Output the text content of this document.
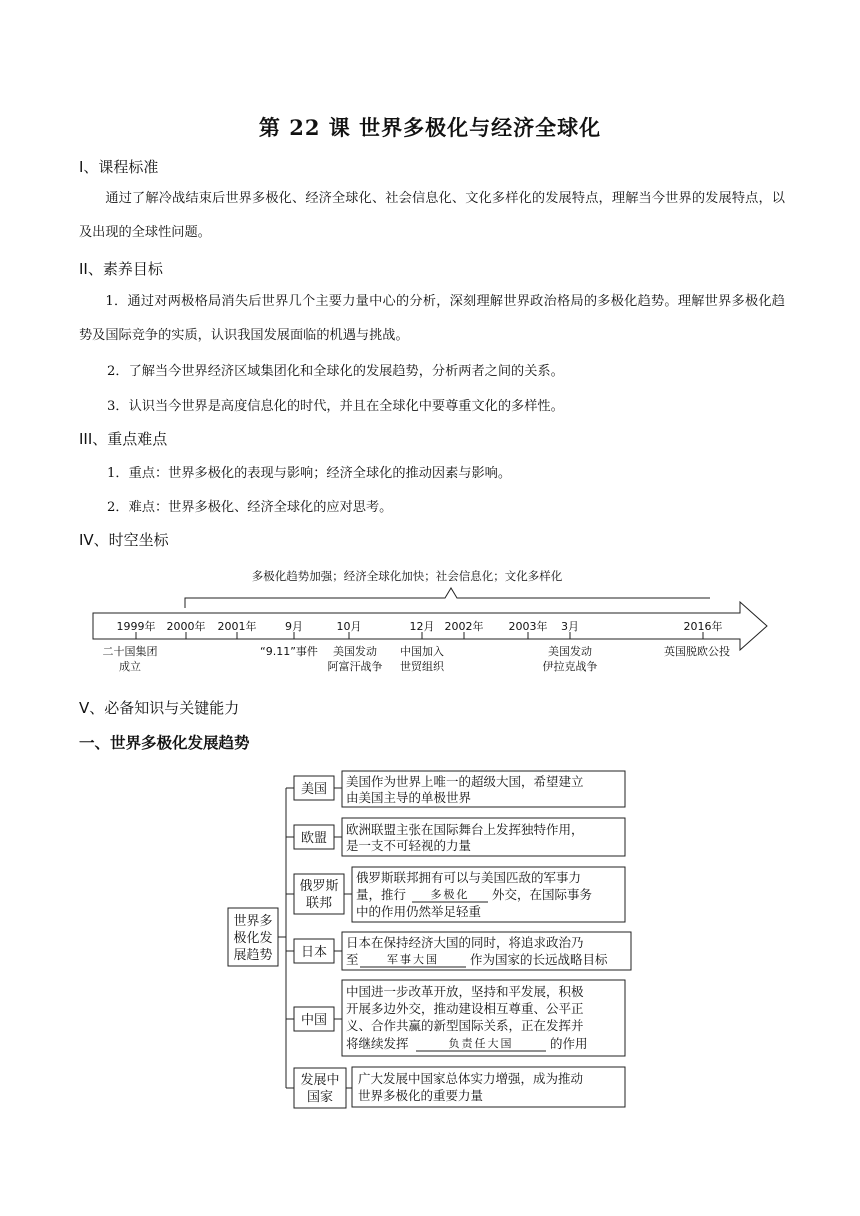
第 22 课 世界多极化与经济全球化
I、课程标准
通过了解冷战结束后世界多极化、经济全球化、社会信息化、文化多样化的发展特点，理解当今世界的发展特点，以及出现的全球性问题。
II、素养目标
1．通过对两极格局消失后世界几个主要力量中心的分析，深刻理解世界政治格局的多极化趋势。理解世界多极化趋势及国际竞争的实质，认识我国发展面临的机遇与挑战。
2．了解当今世界经济区域集团化和全球化的发展趋势，分析两者之间的关系。
3．认识当今世界是高度信息化的时代，并且在全球化中要尊重文化的多样性。
III、重点难点
1．重点：世界多极化的表现与影响；经济全球化的推动因素与影响。
2．难点：世界多极化、经济全球化的应对思考。
IV、时空坐标
多极化趋势加强；经济全球化加快；社会信息化；文化多样化
1999年 2000年 2001年	9月	10月	12月 2002年 2003年 3月	2016年
二十国集团
成立
“9.11”事件 美国发动
阿富汗战争
中国加入
世贸组织
美国发动
伊拉克战争
英国脱欧公投
V、必备知识与关键能力
一、世界多极化发展趋势
世界多
极化发
展趋势
美国
美国作为世界上唯一的超级大国，希望建立
由美国主导的单极世界
欧盟
欧洲联盟主张在国际舞台上发挥独特作用，
是一支不可轻视的力量
俄罗斯
联邦
俄罗斯联邦拥有可以与美国匹敌的军事力
量，推行 多极化 外交，在国际事务
中的作用仍然举足轻重
日本
日本在保持经济大国的同时，将追求政治乃
至	军事大国 作为国家的长远战略目标
中国
中国进一步改革开放，坚持和平发展，积极
开展多边外交，推动建设相互尊重、公平正
义、合作共赢的新型国际关系，正在发挥并
将继续发挥	负责任大国	的作用
发展中
国家
广大发展中国家总体实力增强，成为推动
世界多极化的重要力量
